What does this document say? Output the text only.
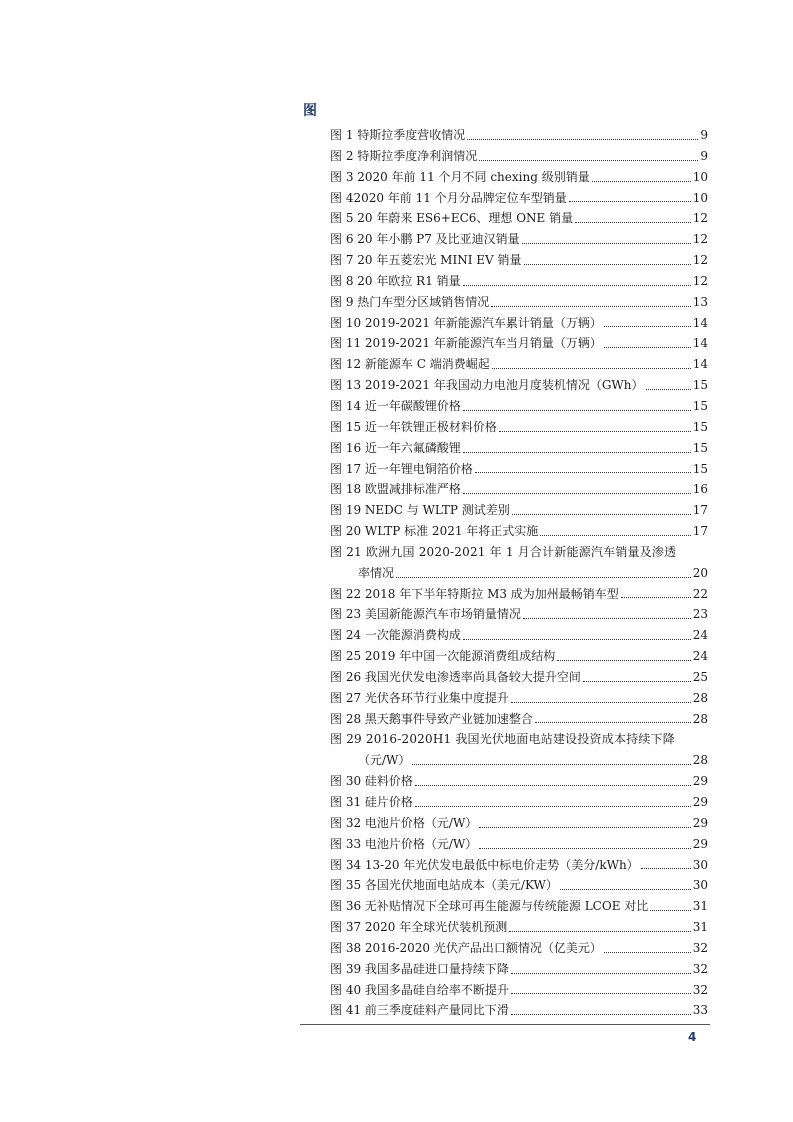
图
图 1 特斯拉季度营收情况	9
图 2 特斯拉季度净利润情况	9
图 3 2020 年前 11 个月不同 chexing 级别销量	10
图 42020 年前 11 个月分品牌定位车型销量	10
图 5 20 年蔚来 ES6+EC6、理想 ONE 销量	12
图 6 20 年小鹏 P7 及比亚迪汉销量	12
图 7 20 年五菱宏光 MINI EV 销量	12
图 8 20 年欧拉 R1 销量	12
图 9 热门车型分区域销售情况	13
图 10 2019-2021 年新能源汽车累计销量（万辆）	14
图 11 2019-2021 年新能源汽车当月销量（万辆）	14
图 12 新能源车 C 端消费崛起	14
图 13 2019-2021 年我国动力电池月度装机情况（GWh）	15
图 14 近一年碳酸锂价格	15
图 15 近一年铁锂正极材料价格	15
图 16 近一年六氟磷酸锂	15
图 17 近一年锂电铜箔价格	15
图 18 欧盟减排标准严格	16
图 19 NEDC 与 WLTP 测试差别	17
图 20 WLTP 标准 2021 年将正式实施	17
图 21 欧洲九国 2020-2021 年 1 月合计新能源汽车销量及渗透
率情况	20
图 22 2018 年下半年特斯拉 M3 成为加州最畅销车型	22
图 23 美国新能源汽车市场销量情况	23
图 24 一次能源消费构成	24
图 25 2019 年中国一次能源消费组成结构	24
图 26 我国光伏发电渗透率尚具备较大提升空间	25
图 27 光伏各环节行业集中度提升	28
图 28 黑天鹅事件导致产业链加速整合	28
图 29 2016-2020H1 我国光伏地面电站建设投资成本持续下降
（元/W）	28
图 30 硅料价格	29
图 31 硅片价格	29
图 32 电池片价格（元/W）	29
图 33 电池片价格（元/W）	29
图 34 13-20 年光伏发电最低中标电价走势（美分/kWh）	30
图 35 各国光伏地面电站成本（美元/KW）	30
图 36 无补贴情况下全球可再生能源与传统能源 LCOE 对比	31
图 37 2020 年全球光伏装机预测	31
图 38 2016-2020 光伏产品出口额情况（亿美元）	32
图 39 我国多晶硅进口量持续下降	32
图 40 我国多晶硅自给率不断提升	32
图 41 前三季度硅料产量同比下滑	33
4
